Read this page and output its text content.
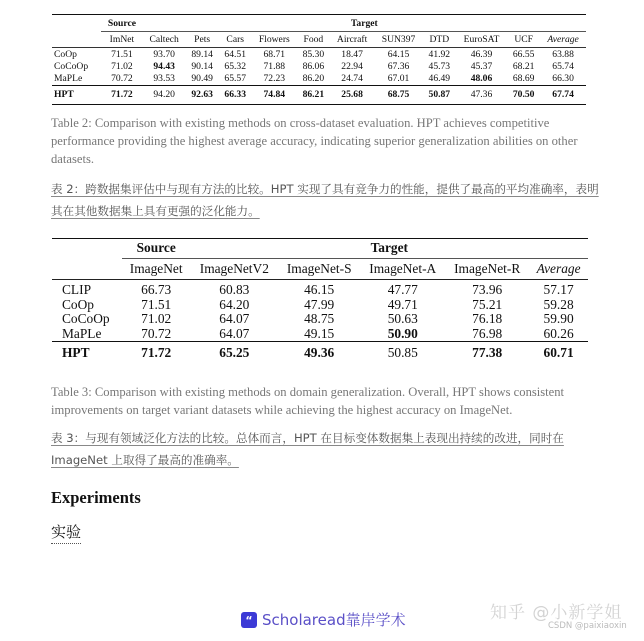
	Source	Target										
	ImNet	Caltech	Pets	Cars	Flowers	Food	Aircraft	SUN397	DTD	EuroSAT	UCF	Average
CoOp	71.51	93.70	89.14	64.51	68.71	85.30	18.47	64.15	41.92	46.39	66.55	63.88
CoCoOp	71.02	94.43	90.14	65.32	71.88	86.06	22.94	67.36	45.73	45.37	68.21	65.74
MaPLe	70.72	93.53	90.49	65.57	72.23	86.20	24.74	67.01	46.49	48.06	68.69	66.30
HPT	71.72	94.20	92.63	66.33	74.84	86.21	25.68	68.75	50.87	47.36	70.50	67.74
Table 2: Comparison with existing methods on cross-dataset evaluation. HPT achieves competitive performance providing the highest average accuracy, indicating superior generalization abilities on other datasets.
表 2：跨数据集评估中与现有方法的比较。HPT 实现了具有竞争力的性能，提供了最高的平均准确率，表明其在其他数据集上具有更强的泛化能力。
	Source	Target				
	ImageNet	ImageNetV2	ImageNet-S	ImageNet-A	ImageNet-R	Average
CLIP	66.73	60.83	46.15	47.77	73.96	57.17
CoOp	71.51	64.20	47.99	49.71	75.21	59.28
CoCoOp	71.02	64.07	48.75	50.63	76.18	59.90
MaPLe	70.72	64.07	49.15	50.90	76.98	60.26
HPT	71.72	65.25	49.36	50.85	77.38	60.71
Table 3: Comparison with existing methods on domain generalization. Overall, HPT shows consistent improvements on target variant datasets while achieving the highest accuracy on ImageNet.
表 3：与现有领域泛化方法的比较。总体而言，HPT 在目标变体数据集上表现出持续的改进，同时在 ImageNet 上取得了最高的准确率。
Experiments
实验
“ Scholaread靠岸学术	知乎 @小新学姐
CSDN @paixiaoxin
